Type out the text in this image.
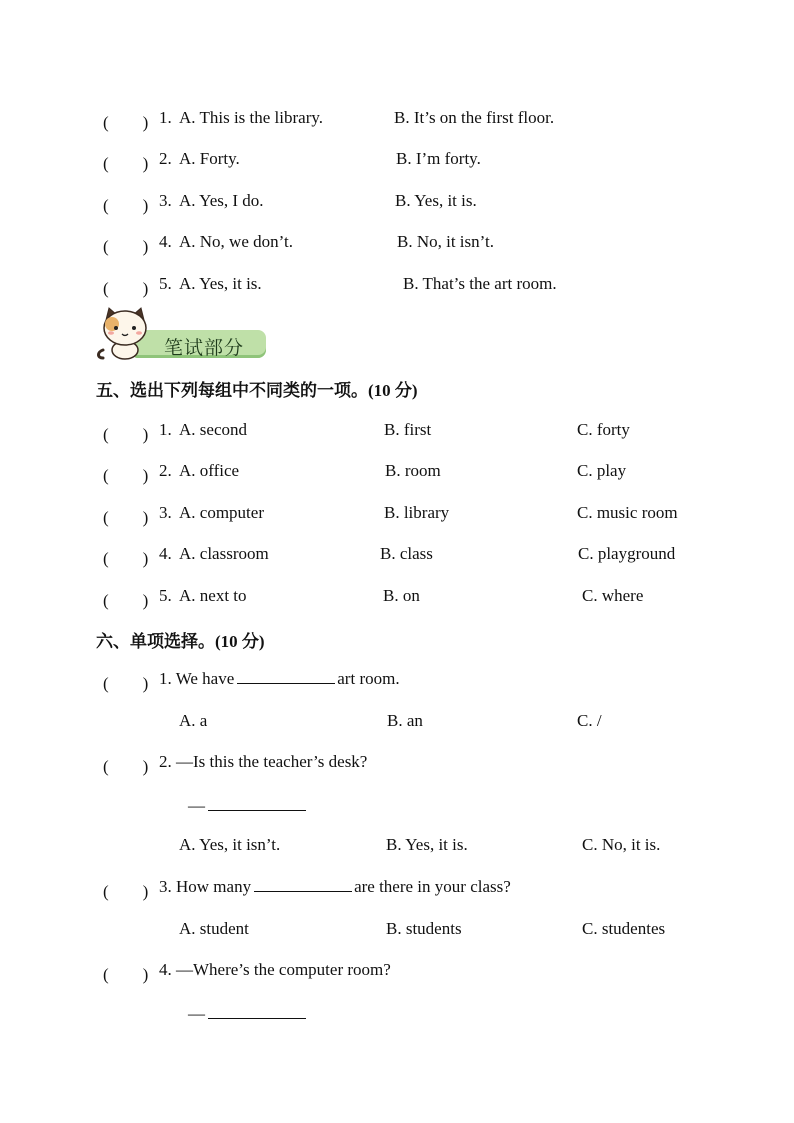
(　　) 1. A. This is the library.	B. It’s on the first floor.
(　　) 2. A. Forty.	B. I’m forty.
(　　) 3. A. Yes, I do.	B. Yes, it is.
(　　) 4. A. No, we don’t.	B. No, it isn’t.
(　　) 5. A. Yes, it is.	B. That’s the art room.
笔试部分
五、选出下列每组中不同类的一项。(10 分)
(　　) 1. A. second	B. first	C. forty
(　　) 2. A. office	B. room	C. play
(　　) 3. A. computer	B. library	C. music room
(　　) 4. A. classroom	B. class	C. playground
(　　) 5. A. next to	B. on	C. where
六、单项选择。(10 分)
(　　) 1. We have	art room.
A. a	B. an	C. /
(　　) 2. —Is this the teacher’s desk?
—
A. Yes, it isn’t.	B. Yes, it is.	C. No, it is.
(　　) 3. How many	are there in your class?
A. student	B. students	C. studentes
(　　) 4. —Where’s the computer room?
—
